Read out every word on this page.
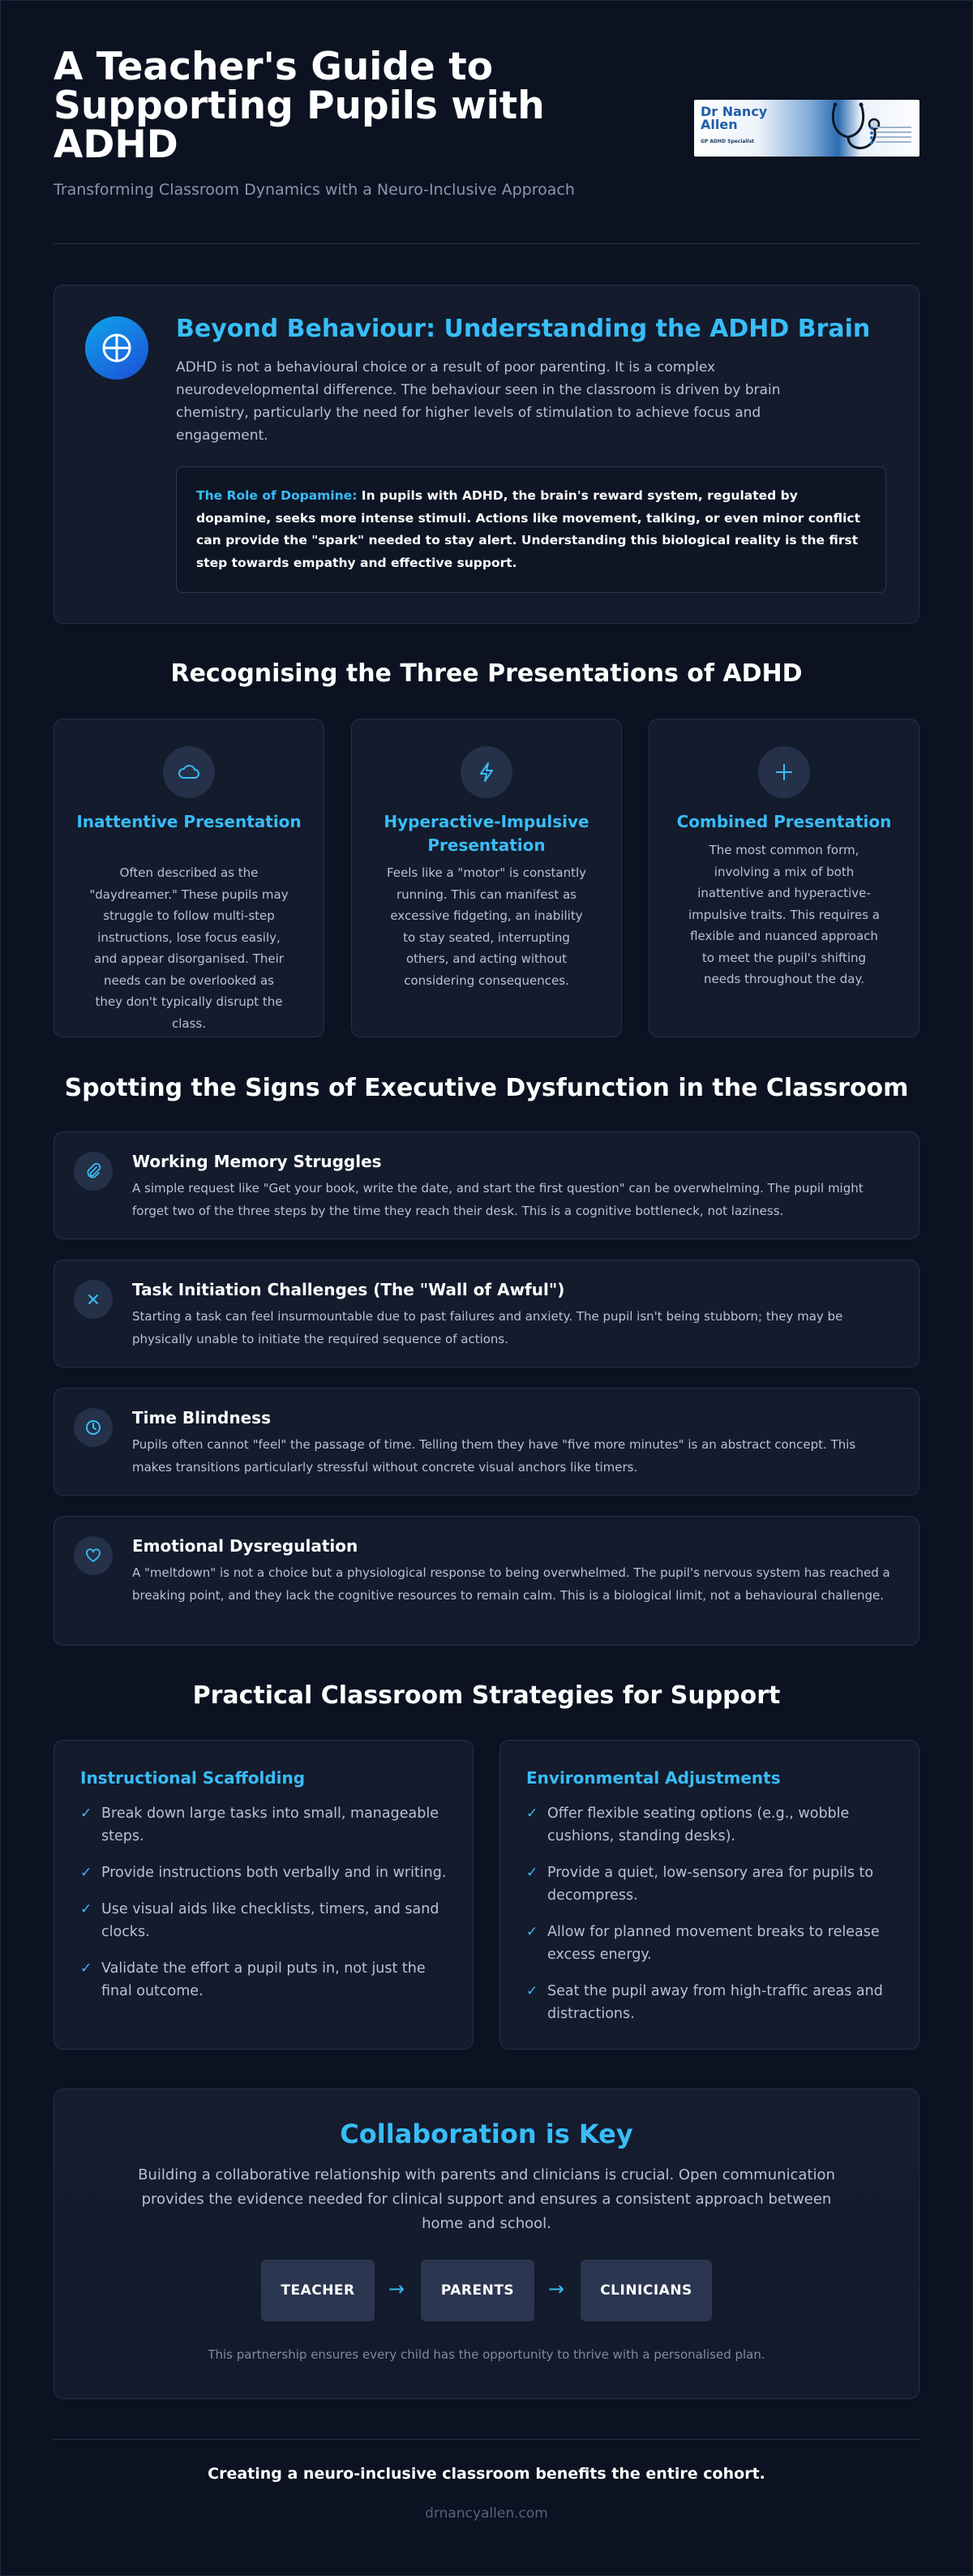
A Teacher's Guide to Supporting Pupils with ADHD

Transforming Classroom Dynamics with a Neuro-Inclusive Approach

Dr Nancy Allen
GP ADHD Specialist
Beyond Behaviour: Understanding the ADHD Brain

ADHD is not a behavioural choice or a result of poor parenting. It is a complex neurodevelopmental difference. The behaviour seen in the classroom is driven by brain chemistry, particularly the need for higher levels of stimulation to achieve focus and engagement.

The Role of Dopamine: In pupils with ADHD, the brain's reward system, regulated by dopamine, seeks more intense stimuli. Actions like movement, talking, or even minor conflict can provide the "spark" needed to stay alert. Understanding this biological reality is the first step towards empathy and effective support.
Recognising the Three Presentations of ADHD
Inattentive Presentation

Often described as the "daydreamer." These pupils may struggle to follow multi-step instructions, lose focus easily, and appear disorganised. Their needs can be overlooked as they don't typically disrupt the class.

Hyperactive-Impulsive Presentation

Feels like a "motor" is constantly running. This can manifest as excessive fidgeting, an inability to stay seated, interrupting others, and acting without considering consequences.

Combined Presentation

The most common form, involving a mix of both inattentive and hyperactive-impulsive traits. This requires a flexible and nuanced approach to meet the pupil's shifting needs throughout the day.

Spotting the Signs of Executive Dysfunction in the Classroom
Working Memory Struggles

A simple request like "Get your book, write the date, and start the first question" can be overwhelming. The pupil might forget two of the three steps by the time they reach their desk. This is a cognitive bottleneck, not laziness.

Task Initiation Challenges (The "Wall of Awful")

Starting a task can feel insurmountable due to past failures and anxiety. The pupil isn't being stubborn; they may be physically unable to initiate the required sequence of actions.

Time Blindness

Pupils often cannot "feel" the passage of time. Telling them they have "five more minutes" is an abstract concept. This makes transitions particularly stressful without concrete visual anchors like timers.

Emotional Dysregulation

A "meltdown" is not a choice but a physiological response to being overwhelmed. The pupil's nervous system has reached a breaking point, and they lack the cognitive resources to remain calm. This is a biological limit, not a behavioural challenge.

Practical Classroom Strategies for Support
Instructional Scaffolding
✓ Break down large tasks into small, manageable steps.
✓ Provide instructions both verbally and in writing.
✓ Use visual aids like checklists, timers, and sand clocks.
✓ Validate the effort a pupil puts in, not just the final outcome.
Environmental Adjustments
✓ Offer flexible seating options (e.g., wobble cushions, standing desks).
✓ Provide a quiet, low-sensory area for pupils to decompress.
✓ Allow for planned movement breaks to release excess energy.
✓ Seat the pupil away from high-traffic areas and distractions.
Collaboration is Key

Building a collaborative relationship with parents and clinicians is crucial. Open communication provides the evidence needed for clinical support and ensures a consistent approach between home and school.

TEACHER	→	PARENTS	→	CLINICIANS

This partnership ensures every child has the opportunity to thrive with a personalised plan.

Creating a neuro-inclusive classroom benefits the entire cohort.

drnancyallen.com
